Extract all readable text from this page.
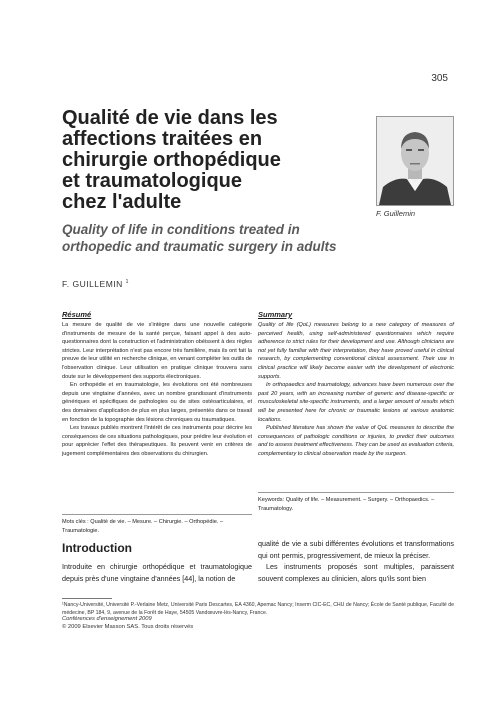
305
Qualité de vie dans les
affections traitées en
chirurgie orthopédique
et traumatologique
chez l'adulte
Quality of life in conditions treated in
orthopedic and traumatic surgery in adults
F. Guillemin
F. GUILLEMIN $^1$
Résumé

La mesure de qualité de vie s'intègre dans une nouvelle catégorie d'instruments de mesure de la santé perçue, faisant appel à des auto-questionnaires dont la construction et l'administration obéissent à des règles strictes. Leur interprétation n'est pas encore très familière, mais ils ont fait la preuve de leur utilité en recherche clinique, en venant compléter les outils de l'observation clinique. Leur utilisation en pratique clinique trouvera sans doute sur le développement des supports électroniques.

En orthopédie et en traumatologie, les évolutions ont été nombreuses depuis une vingtaine d'années, avec un nombre grandissant d'instruments génériques et spécifiques de pathologies ou de sites ostéoarticulaires, et des domaines d'application de plus en plus larges, présentés dans ce travail en fonction de la topographie des lésions chroniques ou traumatiques.

Les travaux publiés montrent l'intérêt de ces instruments pour décrire les conséquences de ces situations pathologiques, pour prédire leur évolution et pour apprécier l'effet des thérapeutiques. Ils peuvent venir en critères de jugement complémentaires des observations du chirurgien.

Mots clés : Qualité de vie. – Mesure. – Chirurgie. – Orthopédie. – Traumatologie.
Summary

Quality of life (QoL) measures belong to a new category of measures of perceived health, using self-administered questionnaires which require adherence to strict rules for their development and use. Although clinicians are not yet fully familiar with their interpretation, they have proved useful in clinical research, by complementing conventional clinical assessment. Their use in clinical practice will likely become easier with the development of electronic supports.

In orthopaedics and traumatology, advances have been numerous over the past 20 years, with an increasing number of generic and disease-specific or musculoskeletal site-specific instruments, and a larger amount of results which will be presented here for chronic or traumatic lesions at various anatomic locations.

Published literature has shown the value of QoL measures to describe the consequences of pathologic conditions or injuries, to predict their outcomes and to assess treatment effectiveness. They can be used as evaluation criteria, complementary to clinical observation made by the surgeon.

Keywords: Quality of life. – Measurement. – Surgery. – Orthopaedics. – Traumatology.
Introduction

Introduite en chirurgie orthopédique et traumatologique depuis près d'une vingtaine d'années [44], la notion de

qualité de vie a subi différentes évolutions et transformations qui ont permis, progressivement, de mieux la préciser.

Les instruments proposés sont multiples, paraissent souvent complexes au clinicien, alors qu'ils sont bien

¹Nancy-Université, Université P.-Verlaine Metz, Université Paris Descartes, EA 4360, Apemac Nancy; Inserm CIC-EC, CHU de Nancy; École de Santé publique, Faculté de médecine, BP 184, 9, avenue de la Forêt de Haye, 54505 Vandœuvre-lès-Nancy, France.

Conférences d'enseignement 2009
© 2009 Elsevier Masson SAS. Tous droits réservés
